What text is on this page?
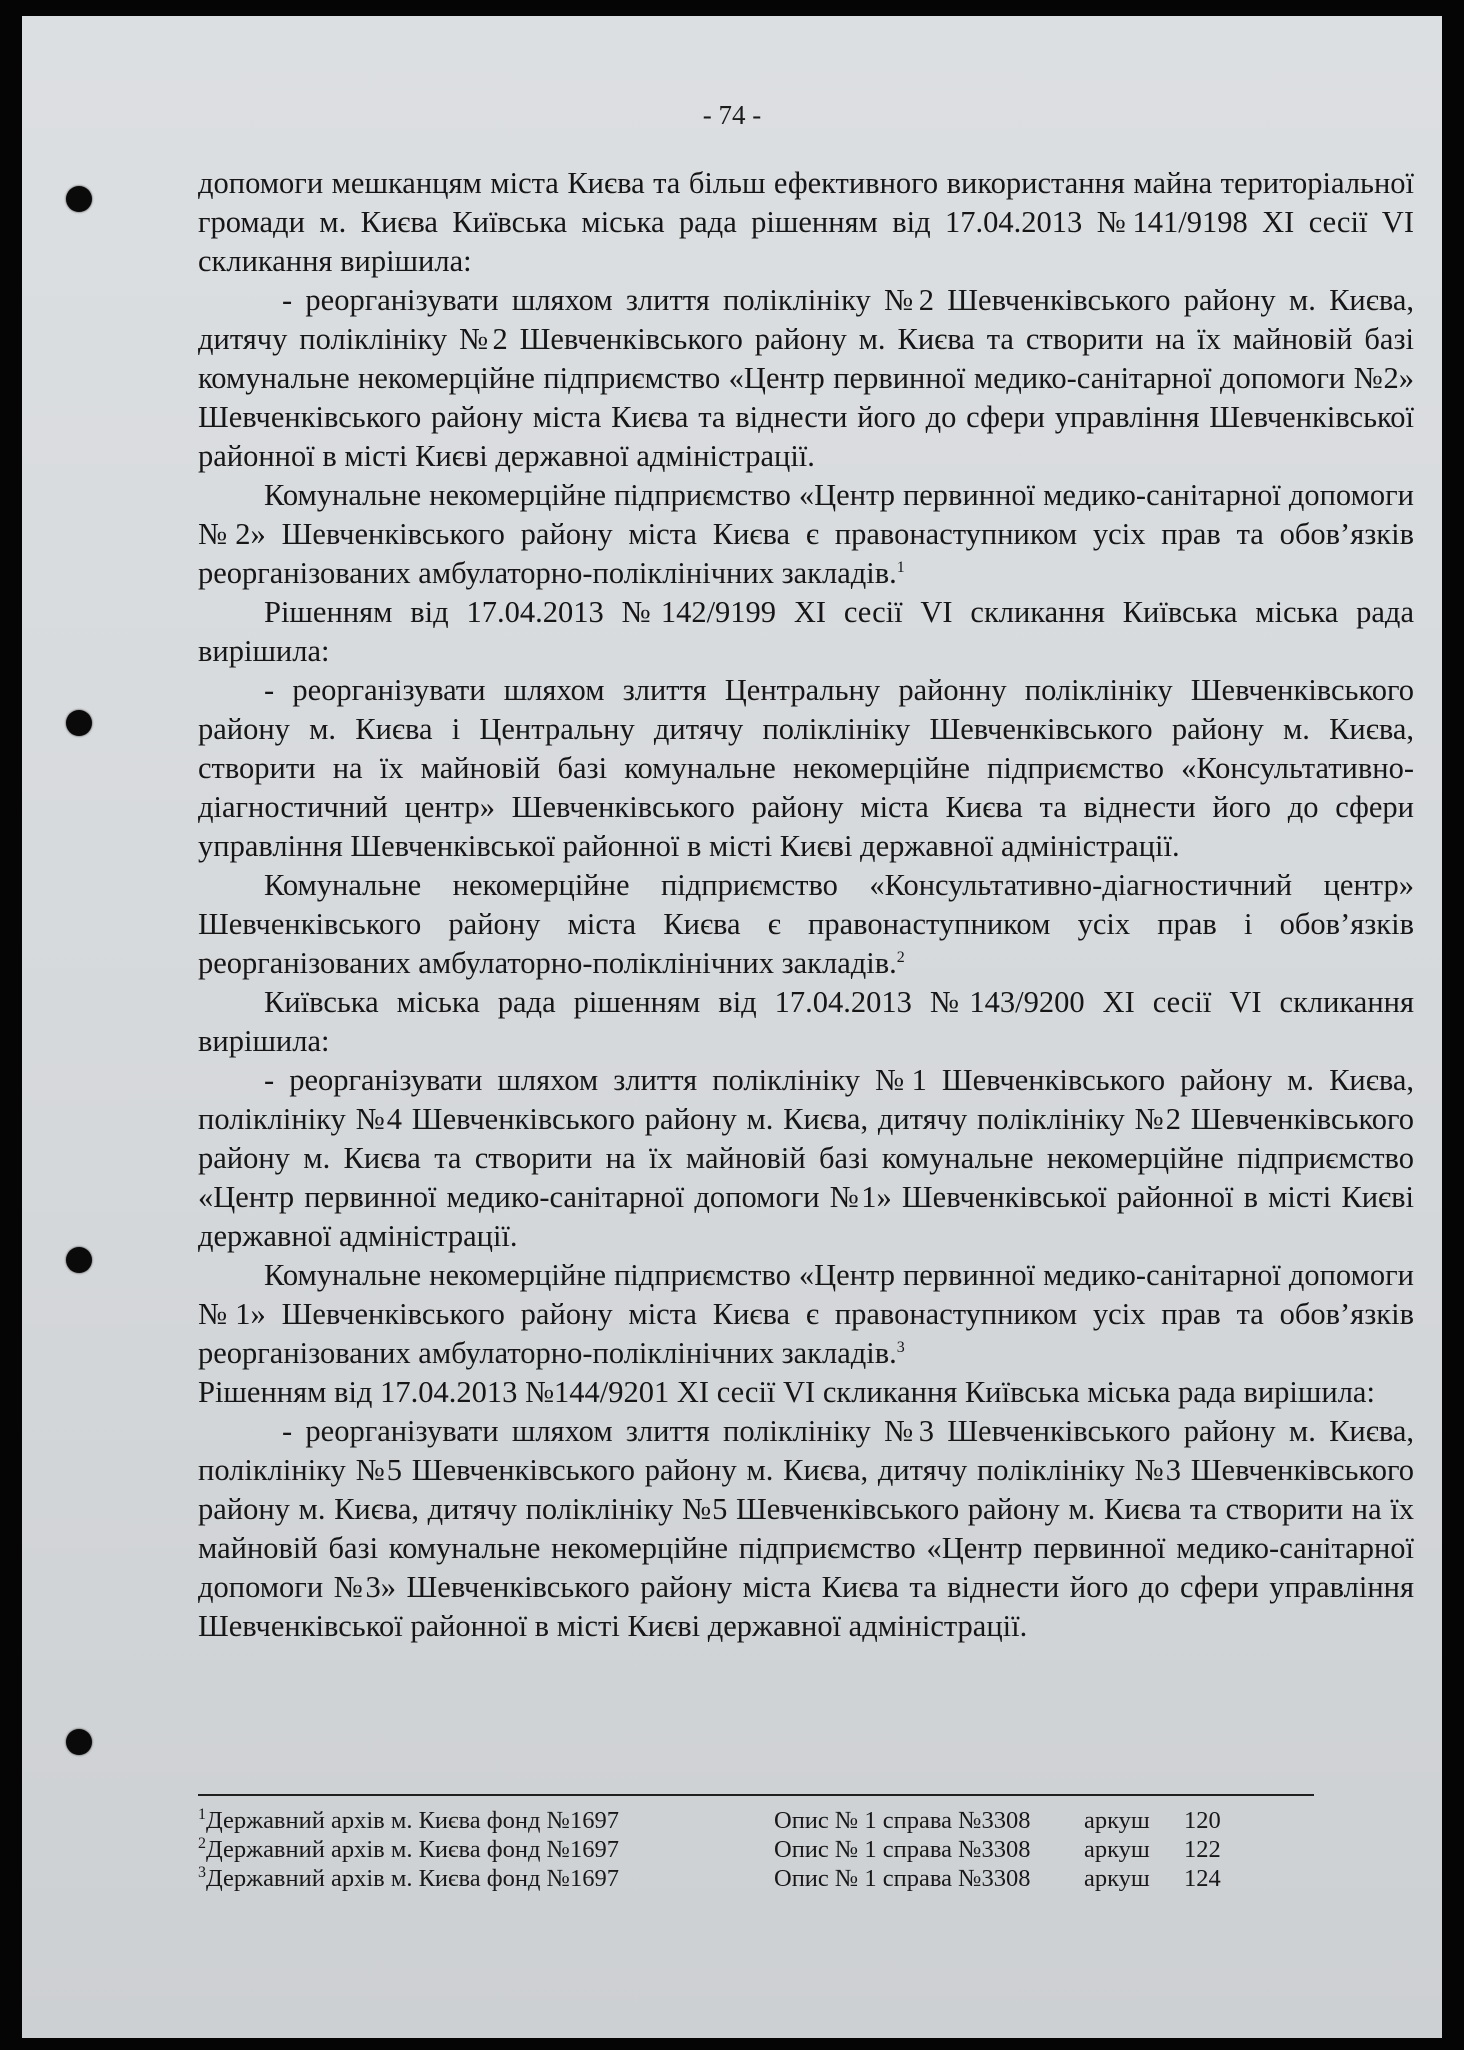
- 74 -

допомоги мешканцям міста Києва та більш ефективного використання майна територіальної громади м. Києва Київська міська рада рішенням від 17.04.2013 №141/9198 XI сесії VI скликання вирішила:

- реорганізувати шляхом злиття поліклініку №2 Шевченківського району м. Києва, дитячу поліклініку №2 Шевченківського району м. Києва та створити на їх майновій базі комунальне некомерційне підприємство «Центр первинної медико-санітарної допомоги №2» Шевченківського району міста Києва та віднести його до сфери управління Шевченківської районної в місті Києві державної адміністрації.

Комунальне некомерційне підприємство «Центр первинної медико-санітарної допомоги №2» Шевченківського району міста Києва є правонаступником усіх прав та обов’язків реорганізованих амбулаторно-поліклінічних закладів.$^1$

Рішенням від 17.04.2013 №142/9199 XI сесії VI скликання Київська міська рада вирішила:

- реорганізувати шляхом злиття Центральну районну поліклініку Шевченківського району м. Києва і Центральну дитячу поліклініку Шевченківського району м. Києва, створити на їх майновій базі комунальне некомерційне підприємство «Консультативно-діагностичний центр» Шевченківського району міста Києва та віднести його до сфери управління Шевченківської районної в місті Києві державної адміністрації.

Комунальне некомерційне підприємство «Консультативно-діагностичний центр» Шевченківського району міста Києва є правонаступником усіх прав і обов’язків реорганізованих амбулаторно-поліклінічних закладів.$^2$

Київська міська рада рішенням від 17.04.2013 №143/9200 XI сесії VI скликання вирішила:

- реорганізувати шляхом злиття поліклініку №1 Шевченківського району м. Києва, поліклініку №4 Шевченківського району м. Києва, дитячу поліклініку №2 Шевченківського району м. Києва та створити на їх майновій базі комунальне некомерційне підприємство «Центр первинної медико-санітарної допомоги №1» Шевченківської районної в місті Києві державної адміністрації.

Комунальне некомерційне підприємство «Центр первинної медико-санітарної допомоги №1» Шевченківського району міста Києва є правонаступником усіх прав та обов’язків реорганізованих амбулаторно-поліклінічних закладів.$^3$

Рішенням від 17.04.2013 №144/9201 XI сесії VI скликання Київська міська рада вирішила:

- реорганізувати шляхом злиття поліклініку №3 Шевченківського району м. Києва, поліклініку №5 Шевченківського району м. Києва, дитячу поліклініку №3 Шевченківського району м. Києва, дитячу поліклініку №5 Шевченківського району м. Києва та створити на їх майновій базі комунальне некомерційне підприємство «Центр первинної медико-санітарної допомоги №3» Шевченківського району міста Києва та віднести його до сфери управління Шевченківської районної в місті Києві державної адміністрації.

$^1$Державний архів м. Києва фонд №1697	Опис № 1 справа №3308	аркуш	120
$^2$Державний архів м. Києва фонд №1697	Опис № 1 справа №3308	аркуш	122
$^3$Державний архів м. Києва фонд №1697	Опис № 1 справа №3308	аркуш	124
